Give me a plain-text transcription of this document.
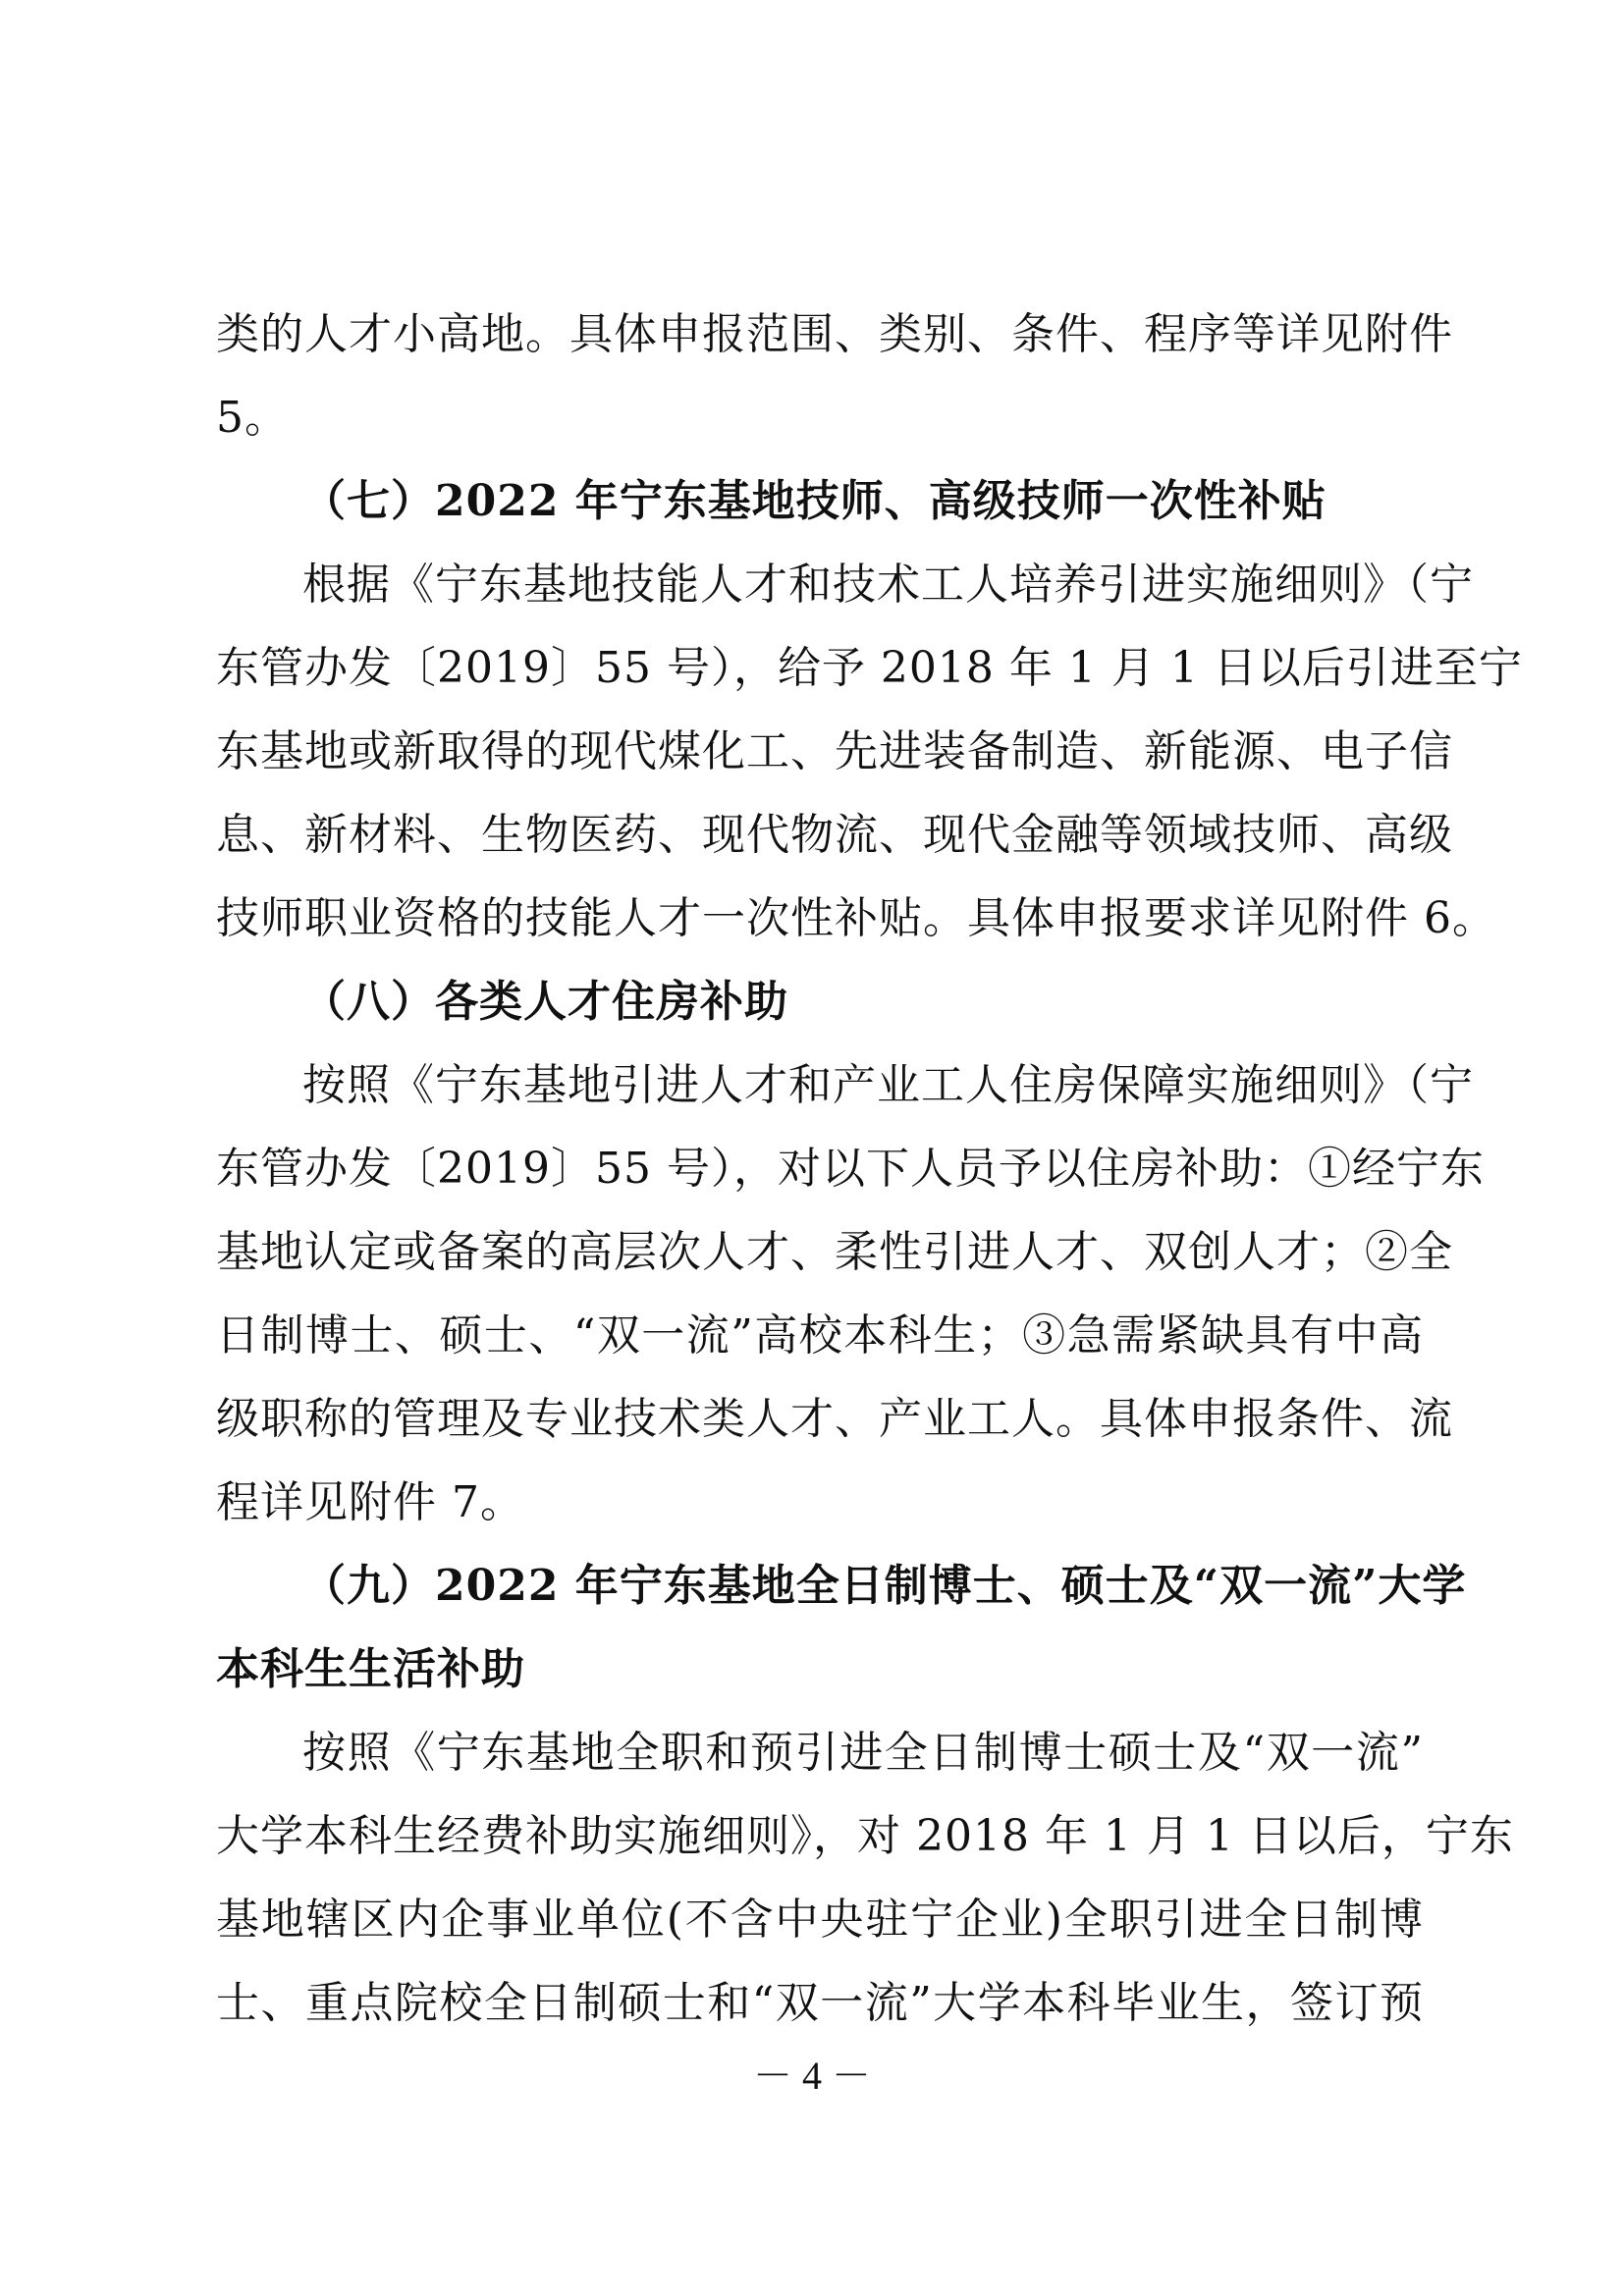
类的人才小高地。具体申报范围、类别、条件、程序等详见附件
5。
（七）2022 年宁东基地技师、高级技师一次性补贴
根据《宁东基地技能人才和技术工人培养引进实施细则》（宁
东管办发〔2019〕55 号），给予 2018 年 1 月 1 日以后引进至宁
东基地或新取得的现代煤化工、先进装备制造、新能源、电子信
息、新材料、生物医药、现代物流、现代金融等领域技师、高级
技师职业资格的技能人才一次性补贴。具体申报要求详见附件 6。
（八）各类人才住房补助
按照《宁东基地引进人才和产业工人住房保障实施细则》（宁
东管办发〔2019〕55 号），对以下人员予以住房补助：①经宁东
基地认定或备案的高层次人才、柔性引进人才、双创人才；②全
日制博士、硕士、“双一流”高校本科生；③急需紧缺具有中高
级职称的管理及专业技术类人才、产业工人。具体申报条件、流
程详见附件 7。
（九）2022 年宁东基地全日制博士、硕士及“双一流”大学
本科生生活补助
按照《宁东基地全职和预引进全日制博士硕士及“双一流”
大学本科生经费补助实施细则》，对 2018 年 1 月 1 日以后，宁东
基地辖区内企事业单位(不含中央驻宁企业)全职引进全日制博
士、重点院校全日制硕士和“双一流”大学本科毕业生，签订预
－ 4 －
